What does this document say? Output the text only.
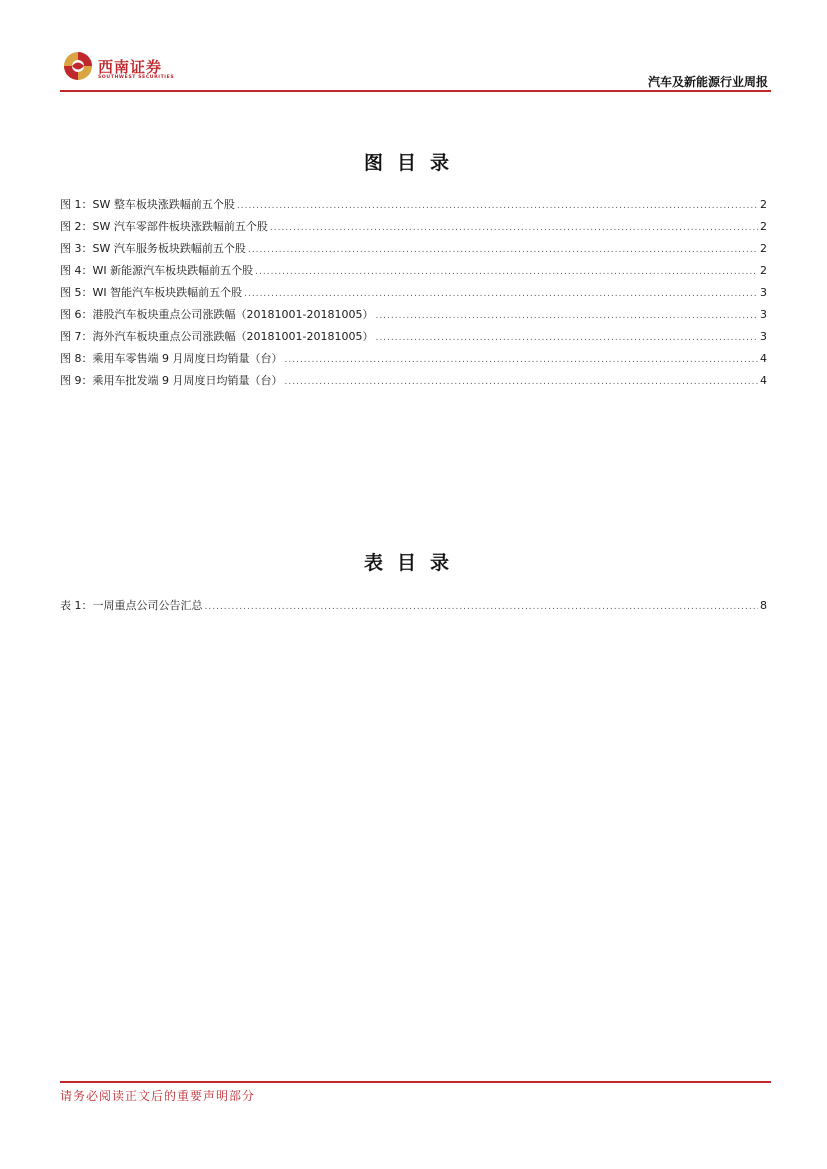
西南证券
SOUTHWEST SECURITIES	汽车及新能源行业周报
图目录
图 1：SW 整车板块涨跌幅前五个股 .....	2
图 2：SW 汽车零部件板块涨跌幅前五个股 .....	2
图 3：SW 汽车服务板块跌幅前五个股 .....	2
图 4：WI 新能源汽车板块跌幅前五个股 .....	2
图 5：WI 智能汽车板块跌幅前五个股 .....	3
图 6：港股汽车板块重点公司涨跌幅（20181001-20181005） .....	3
图 7：海外汽车板块重点公司涨跌幅（20181001-20181005） .....	3
图 8：乘用车零售端 9 月周度日均销量（台） .....	4
图 9：乘用车批发端 9 月周度日均销量（台） .....	4
表目录
表 1：一周重点公司公告汇总 .....	8
请务必阅读正文后的重要声明部分
